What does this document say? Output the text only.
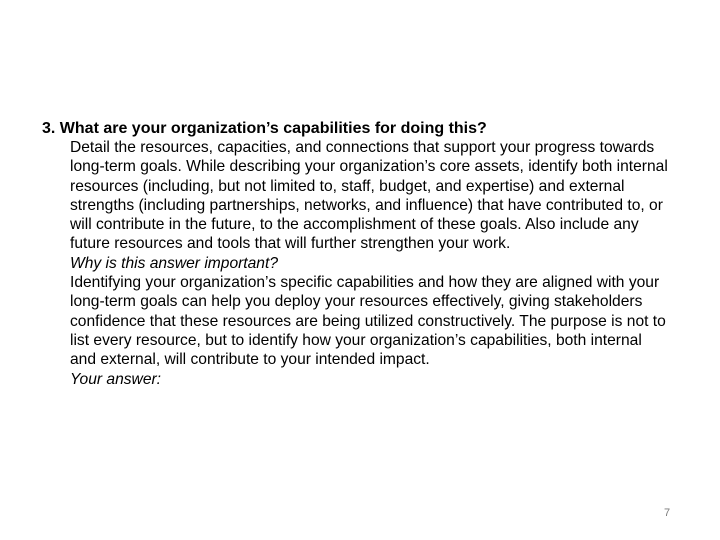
3. What are your organization’s capabilities for doing this?

Detail the resources, capacities, and connections that support your progress towards long-term goals. While describing your organization’s core assets, identify both internal resources (including, but not limited to, staff, budget, and expertise) and external strengths (including partnerships, networks, and influence) that have contributed to, or will contribute in the future, to the accomplishment of these goals. Also include any future resources and tools that will further strengthen your work.

Why is this answer important?

Identifying your organization’s specific capabilities and how they are aligned with your long-term goals can help you deploy your resources effectively, giving stakeholders confidence that these resources are being utilized constructively. The purpose is not to list every resource, but to identify how your organization’s capabilities, both internal and external, will contribute to your intended impact.

Your answer:

7
